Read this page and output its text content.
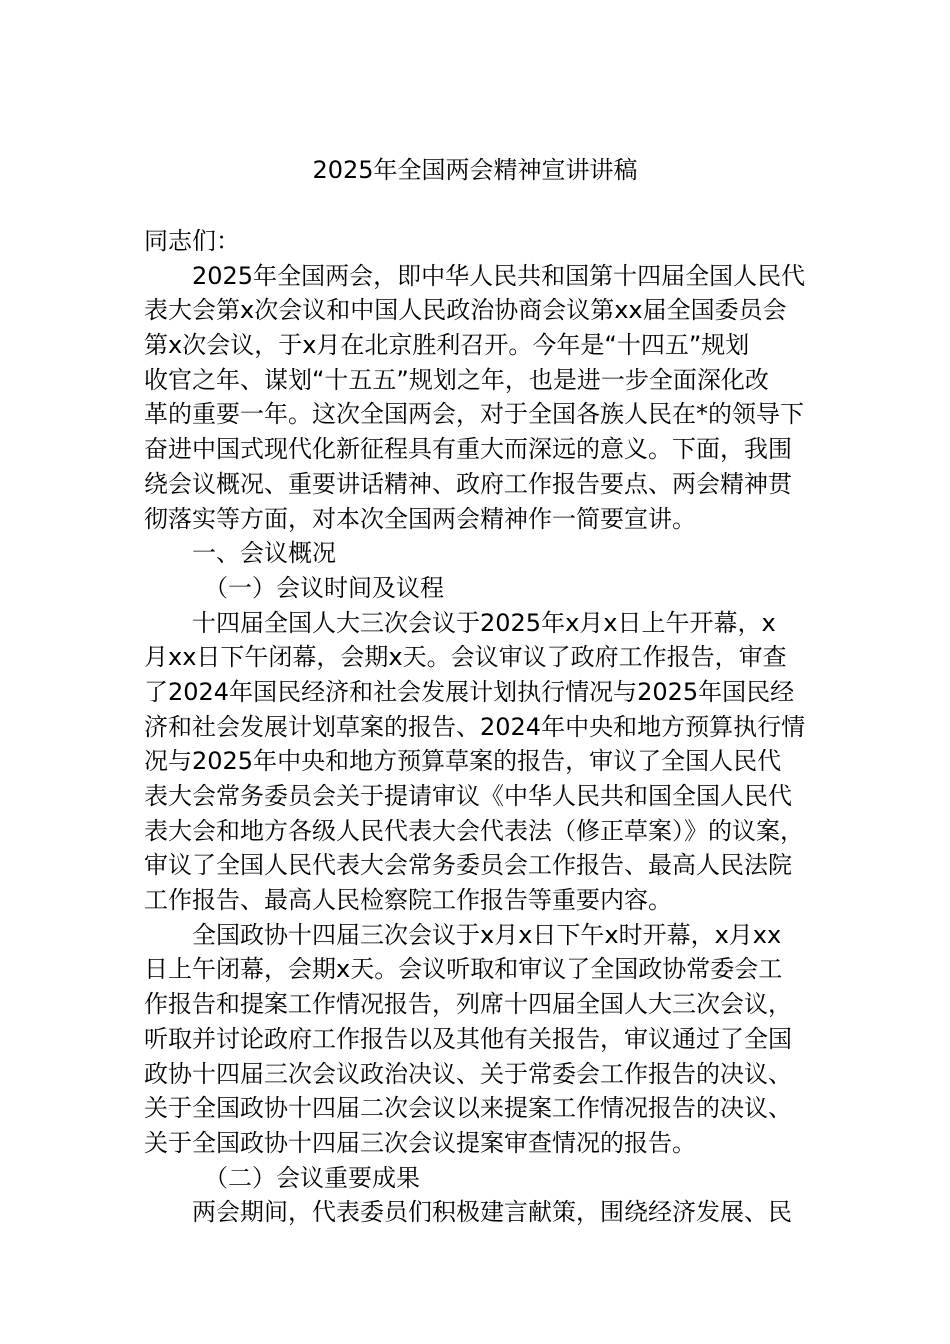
2025年全国两会精神宣讲讲稿
同志们：
2025年全国两会，即中华人民共和国第十四届全国人民代
表大会第x次会议和中国人民政治协商会议第xx届全国委员会
第x次会议，于x月在北京胜利召开。今年是“十四五”规划
收官之年、谋划“十五五”规划之年，也是进一步全面深化改
革的重要一年。这次全国两会，对于全国各族人民在*的领导下
奋进中国式现代化新征程具有重大而深远的意义。下面，我围
绕会议概况、重要讲话精神、政府工作报告要点、两会精神贯
彻落实等方面，对本次全国两会精神作一简要宣讲。
一、会议概况
（一）会议时间及议程
十四届全国人大三次会议于2025年x月x日上午开幕，x
月xx日下午闭幕，会期x天。会议审议了政府工作报告，审查
了2024年国民经济和社会发展计划执行情况与2025年国民经
济和社会发展计划草案的报告、2024年中央和地方预算执行情
况与2025年中央和地方预算草案的报告，审议了全国人民代
表大会常务委员会关于提请审议《中华人民共和国全国人民代
表大会和地方各级人民代表大会代表法（修正草案）》的议案，
审议了全国人民代表大会常务委员会工作报告、最高人民法院
工作报告、最高人民检察院工作报告等重要内容。
全国政协十四届三次会议于x月x日下午x时开幕，x月xx
日上午闭幕，会期x天。会议听取和审议了全国政协常委会工
作报告和提案工作情况报告，列席十四届全国人大三次会议，
听取并讨论政府工作报告以及其他有关报告，审议通过了全国
政协十四届三次会议政治决议、关于常委会工作报告的决议、
关于全国政协十四届二次会议以来提案工作情况报告的决议、
关于全国政协十四届三次会议提案审查情况的报告。
（二）会议重要成果
两会期间，代表委员们积极建言献策，围绕经济发展、民
